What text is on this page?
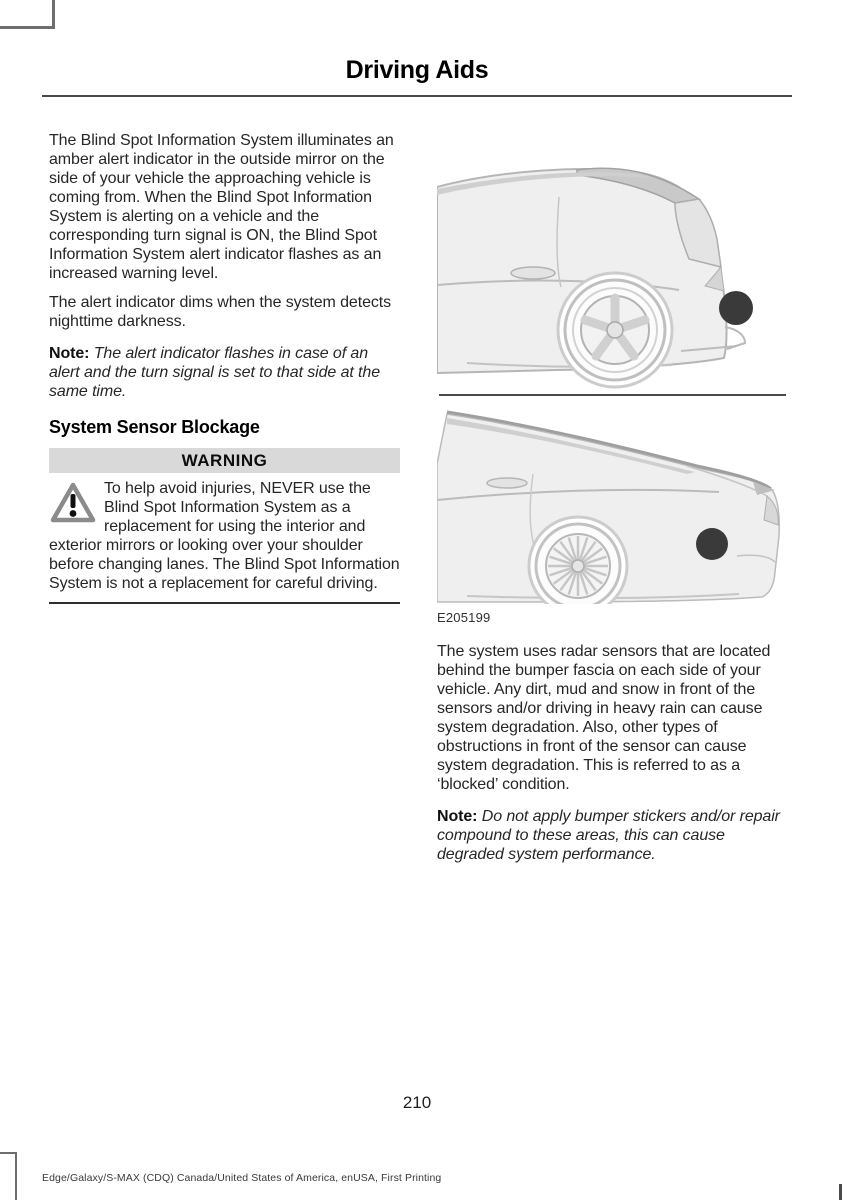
Driving Aids

The Blind Spot Information System illuminates an amber alert indicator in the outside mirror on the side of your vehicle the approaching vehicle is coming from. When the Blind Spot Information System is alerting on a vehicle and the corresponding turn signal is ON, the Blind Spot Information System alert indicator flashes as an increased warning level.

The alert indicator dims when the system detects nighttime darkness.

Note: The alert indicator flashes in case of an alert and the turn signal is set to that side at the same time.

System Sensor Blockage
WARNING
To help avoid injuries, NEVER use the Blind Spot Information System as a replacement for using the interior and exterior mirrors or looking over your shoulder before changing lanes. The Blind Spot Information System is not a replacement for careful driving.
E205199

The system uses radar sensors that are located behind the bumper fascia on each side of your vehicle. Any dirt, mud and snow in front of the sensors and/or driving in heavy rain can cause system degradation. Also, other types of obstructions in front of the sensor can cause system degradation. This is referred to as a ‘blocked’ condition.

Note: Do not apply bumper stickers and/or repair compound to these areas, this can cause degraded system performance.

210
Edge/Galaxy/S-MAX (CDQ) Canada/United States of America, enUSA, First Printing
